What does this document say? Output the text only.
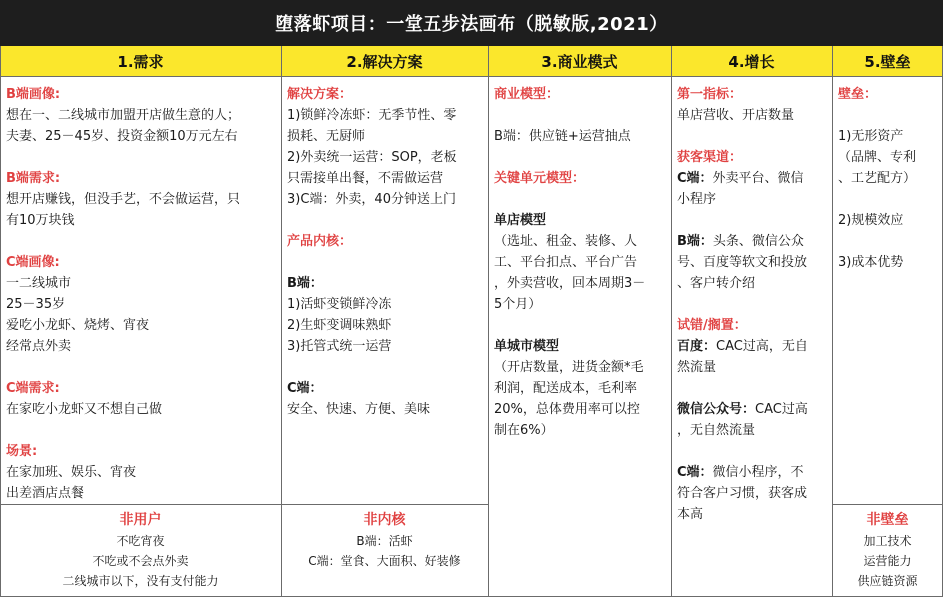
堕落虾项目：一堂五步法画布（脱敏版,2021）
1.需求
B端画像:
想在一、二线城市加盟开店做生意的人；
夫妻、25－45岁、投资金额10万元左右
B端需求:
想开店赚钱，但没手艺，不会做运营，只
有10万块钱
C端画像:
一二线城市
25－35岁
爱吃小龙虾、烧烤、宵夜
经常点外卖
C端需求:
在家吃小龙虾又不想自己做
场景:
在家加班、娱乐、宵夜
出差酒店点餐
非用户
不吃宵夜
不吃或不会点外卖
二线城市以下，没有支付能力
2.解决方案
解决方案：
1)锁鲜冷冻虾：无季节性、零
损耗、无厨师
2)外卖统一运营：SOP，老板
只需接单出餐，不需做运营
3)C端：外卖，40分钟送上门
产品内核：
B端：
1)活虾变锁鲜冷冻
2)生虾变调味熟虾
3)托管式统一运营
C端：
安全、快速、方便、美味
非内核
B端：活虾
C端：堂食、大面积、好装修
3.商业模式
商业模型：
B端：供应链+运营抽点
关键单元模型：
单店模型
（选址、租金、装修、人
工、平台扣点、平台广告
，外卖营收，回本周期3－
5个月）
单城市模型
（开店数量，进货金额*毛
利润，配送成本，毛利率
20%，总体费用率可以控
制在6%）
4.增长
第一指标：
单店营收、开店数量
获客渠道：
C端：外卖平台、微信
小程序
B端：头条、微信公众
号、百度等软文和投放
、客户转介绍
试错/搁置：
百度：CAC过高，无自
然流量
微信公众号：CAC过高
，无自然流量
C端：微信小程序，不
符合客户习惯，获客成
本高
5.壁垒
壁垒：
1)无形资产
（品牌、专利
、工艺配方）
2)规模效应
3)成本优势
非壁垒
加工技术
运营能力
供应链资源
